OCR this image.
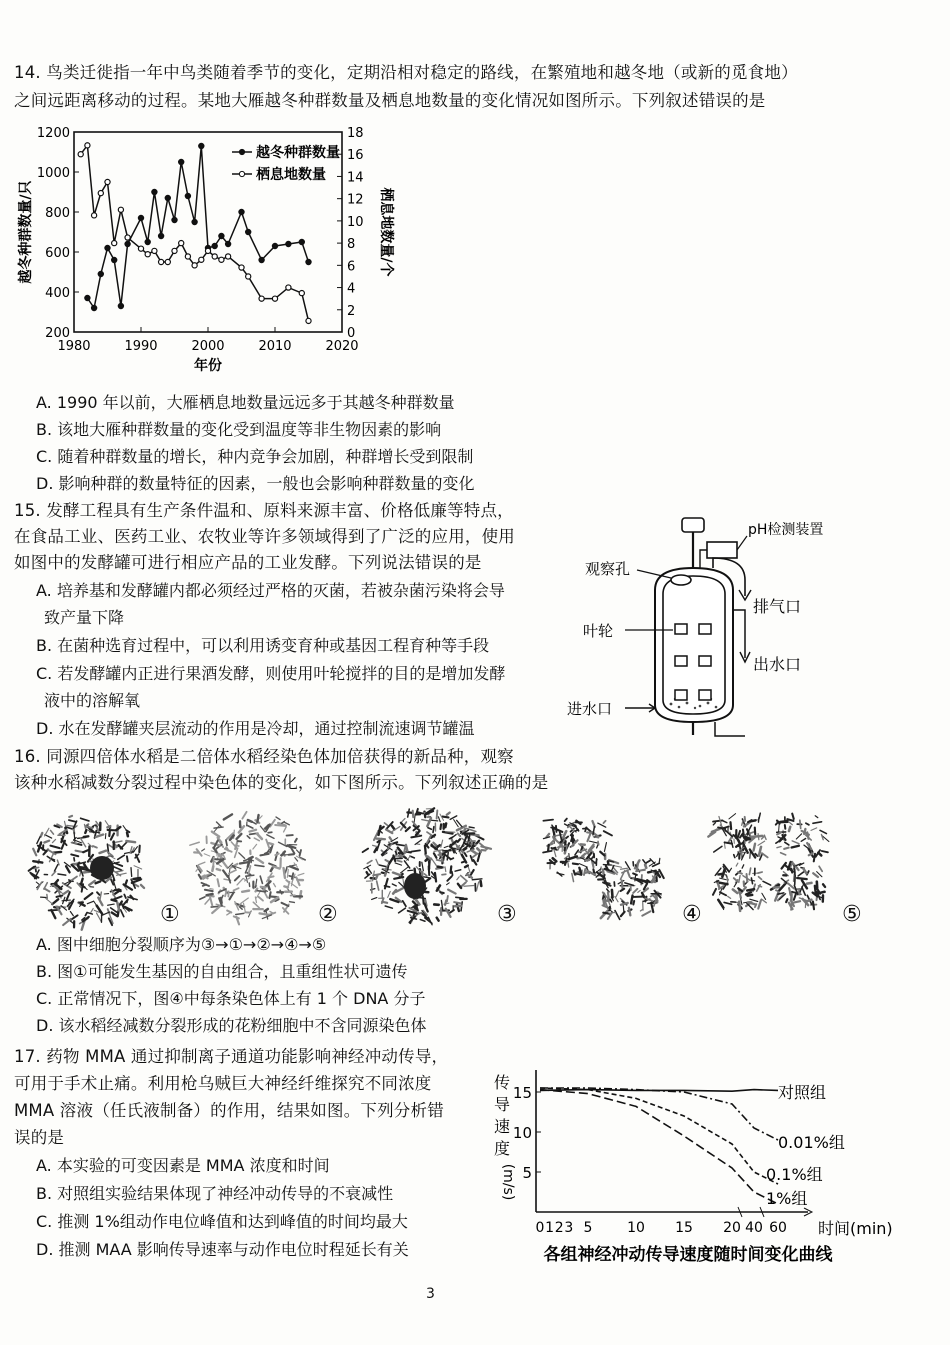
14. 鸟类迁徙指一年中鸟类随着季节的变化，定期沿相对稳定的路线，在繁殖地和越冬地（或新的觅食地）
之间远距离移动的过程。某地大雁越冬种群数量及栖息地数量的变化情况如图所示。下列叙述错误的是
200
400
600
800
1000
1200
0
2
4
6
8
10
12
14
16
18
1980	1990	2000	2010	2020
年份
越冬种群数量/只	栖息地数量/个
越冬种群数量
栖息地数量
A. 1990 年以前，大雁栖息地数量远远多于其越冬种群数量
B. 该地大雁种群数量的变化受到温度等非生物因素的影响
C. 随着种群数量的增长，种内竞争会加剧，种群增长受到限制
D. 影响种群的数量特征的因素，一般也会影响种群数量的变化
15. 发酵工程具有生产条件温和、原料来源丰富、价格低廉等特点，
在食品工业、医药工业、农牧业等许多领域得到了广泛的应用，使用
如图中的发酵罐可进行相应产品的工业发酵。下列说法错误的是
A. 培养基和发酵罐内都必须经过严格的灭菌，若被杂菌污染将会导
致产量下降
B. 在菌种选育过程中，可以利用诱变育种或基因工程育种等手段
C. 若发酵罐内正进行果酒发酵，则使用叶轮搅拌的目的是增加发酵
液中的溶解氧
D. 水在发酵罐夹层流动的作用是冷却，通过控制流速调节罐温
pH检测装置
观察孔
叶轮
排气口
出水口
进水口
16. 同源四倍体水稻是二倍体水稻经染色体加倍获得的新品种，观察
该种水稻减数分裂过程中染色体的变化，如下图所示。下列叙述正确的是
①	②	③	④	⑤
A. 图中细胞分裂顺序为③→①→②→④→⑤
B. 图①可能发生基因的自由组合，且重组性状可遗传
C. 正常情况下，图④中每条染色体上有 1 个 DNA 分子
D. 该水稻经减数分裂形成的花粉细胞中不含同源染色体
17. 药物 MMA 通过抑制离子通道功能影响神经冲动传导，
可用于手术止痛。利用枪乌贼巨大神经纤维探究不同浓度
MMA 溶液（任氏液制备）的作用，结果如图。下列分析错
误的是
A. 本实验的可变因素是 MMA 浓度和时间
B. 对照组实验结果体现了神经冲动传导的不衰减性
C. 推测 1%组动作电位峰值和达到峰值的时间均最大
D. 推测 MAA 影响传导速率与动作电位时程延长有关
5
10
15
0 1 2 3 5 10 15 20 40 60 时间(min)
传
导
速
度
(m/s)
各组神经冲动传导速度随时间变化曲线
对照组
0.01%组
0.1%组
1%组
3
